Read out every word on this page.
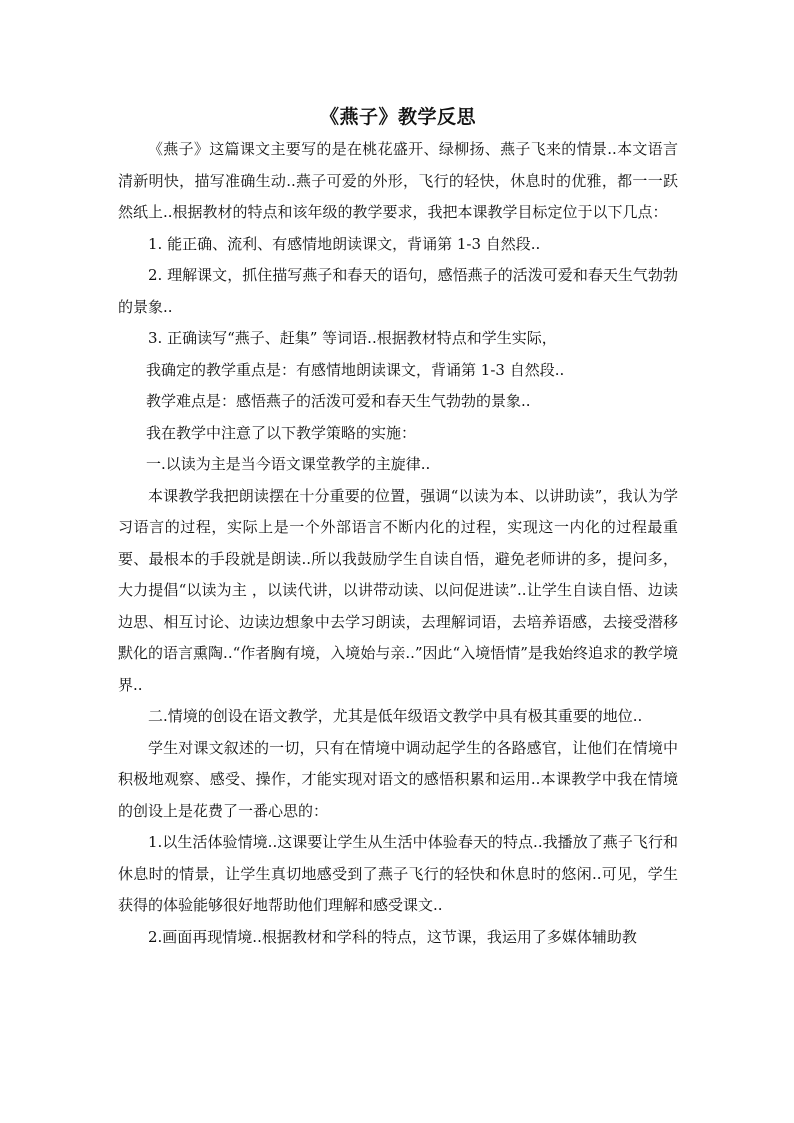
《燕子》教学反思

《燕子》这篇课文主要写的是在桃花盛开、绿柳扬、燕子飞来的情景..本文语言清新明快，描写准确生动..燕子可爱的外形，飞行的轻快，休息时的优雅，都一一跃然纸上..根据教材的特点和该年级的教学要求，我把本课教学目标定位于以下几点：

1. 能正确、流利、有感情地朗读课文，背诵第 1-3 自然段..

2. 理解课文，抓住描写燕子和春天的语句，感悟燕子的活泼可爱和春天生气勃勃的景象..

3. 正确读写“燕子、赶集” 等词语..根据教材特点和学生实际，

我确定的教学重点是：有感情地朗读课文，背诵第 1-3 自然段..

教学难点是：感悟燕子的活泼可爱和春天生气勃勃的景象..

我在教学中注意了以下教学策略的实施：

一.以读为主是当今语文课堂教学的主旋律..

本课教学我把朗读摆在十分重要的位置，强调“以读为本、以讲助读”，我认为学习语言的过程，实际上是一个外部语言不断内化的过程，实现这一内化的过程最重要、最根本的手段就是朗读..所以我鼓励学生自读自悟，避免老师讲的多，提问多，大力提倡“以读为主 ，以读代讲，以讲带动读、以问促进读”..让学生自读自悟、边读边思、相互讨论、边读边想象中去学习朗读，去理解词语，去培养语感，去接受潜移默化的语言熏陶..“作者胸有境，入境始与亲..”因此“入境悟情”是我始终追求的教学境界..

二.情境的创设在语文教学，尤其是低年级语文教学中具有极其重要的地位..

学生对课文叙述的一切，只有在情境中调动起学生的各路感官，让他们在情境中积极地观察、感受、操作，才能实现对语文的感悟积累和运用..本课教学中我在情境的创设上是花费了一番心思的：

1.以生活体验情境..这课要让学生从生活中体验春天的特点..我播放了燕子飞行和休息时的情景，让学生真切地感受到了燕子飞行的轻快和休息时的悠闲..可见，学生获得的体验能够很好地帮助他们理解和感受课文..

2.画面再现情境..根据教材和学科的特点，这节课，我运用了多媒体辅助教
